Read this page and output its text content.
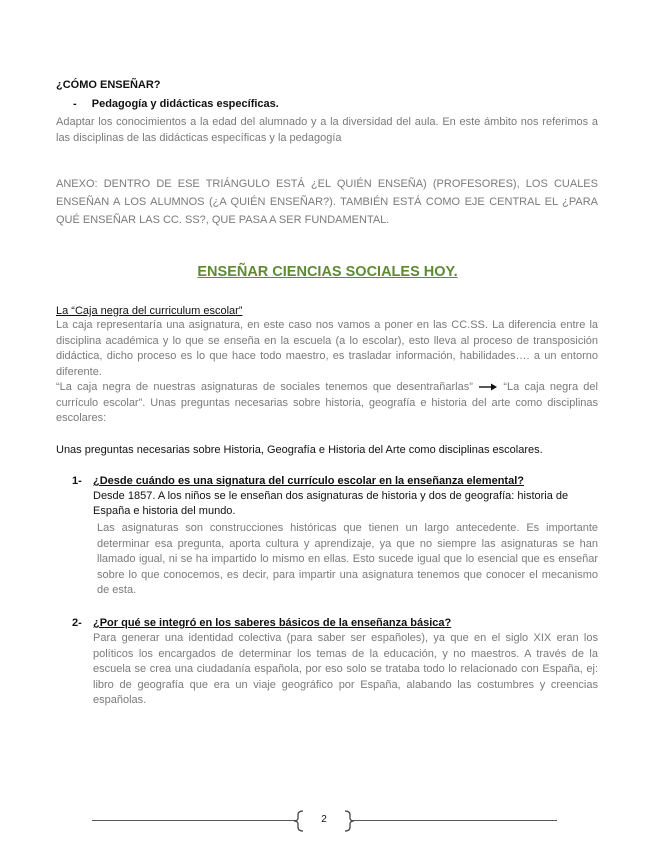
¿CÓMO ENSEÑAR?
- Pedagogía y didácticas específicas.
Adaptar los conocimientos a la edad del alumnado y a la diversidad del aula. En este ámbito nos referimos a las disciplinas de las didácticas específicas y la pedagogía
ANEXO: DENTRO DE ESE TRIÁNGULO ESTÁ ¿EL QUIÉN ENSEÑA) (PROFESORES), LOS CUALES ENSEÑAN A LOS ALUMNOS (¿A QUIÉN ENSEÑAR?). TAMBIÉN ESTÁ COMO EJE CENTRAL EL ¿PARA QUÉ ENSEÑAR LAS CC. SS?, QUE PASA A SER FUNDAMENTAL.
ENSEÑAR CIENCIAS SOCIALES HOY.
La “Caja negra del curriculum escolar”
La caja representaría una asignatura, en este caso nos vamos a poner en las CC.SS. La diferencia entre la disciplina académica y lo que se enseña en la escuela (a lo escolar), esto lleva al proceso de transposición didáctica, dicho proceso es lo que hace todo maestro, es trasladar información, habilidades…. a un entorno diferente.
“La caja negra de nuestras asignaturas de sociales tenemos que desentrañarlas”	“La caja negra del currículo escolar”. Unas preguntas necesarias sobre historia, geografía e historia del arte como disciplinas escolares:
Unas preguntas necesarias sobre Historia, Geografía e Historia del Arte como disciplinas escolares.
1-	¿Desde cuándo es una signatura del currículo escolar en la enseñanza elemental?
Desde 1857. A los niños se le enseñan dos asignaturas de historia y dos de geografía: historia de España e historia del mundo.
Las asignaturas son construcciones históricas que tienen un largo antecedente. Es importante determinar esa pregunta, aporta cultura y aprendizaje, ya que no siempre las asignaturas se han llamado igual, ni se ha impartido lo mismo en ellas. Esto sucede igual que lo esencial que es enseñar sobre lo que conocemos, es decir, para impartir una asignatura tenemos que conocer el mecanismo de esta.
2-	¿Por qué se integró en los saberes básicos de la enseñanza básica?
Para generar una identidad colectiva (para saber ser españoles), ya que en el siglo XIX eran los políticos los encargados de determinar los temas de la educación, y no maestros. A través de la escuela se crea una ciudadanía española, por eso solo se trataba todo lo relacionado con España, ej: libro de geografía que era un viaje geográfico por España, alabando las costumbres y creencias españolas.
2
